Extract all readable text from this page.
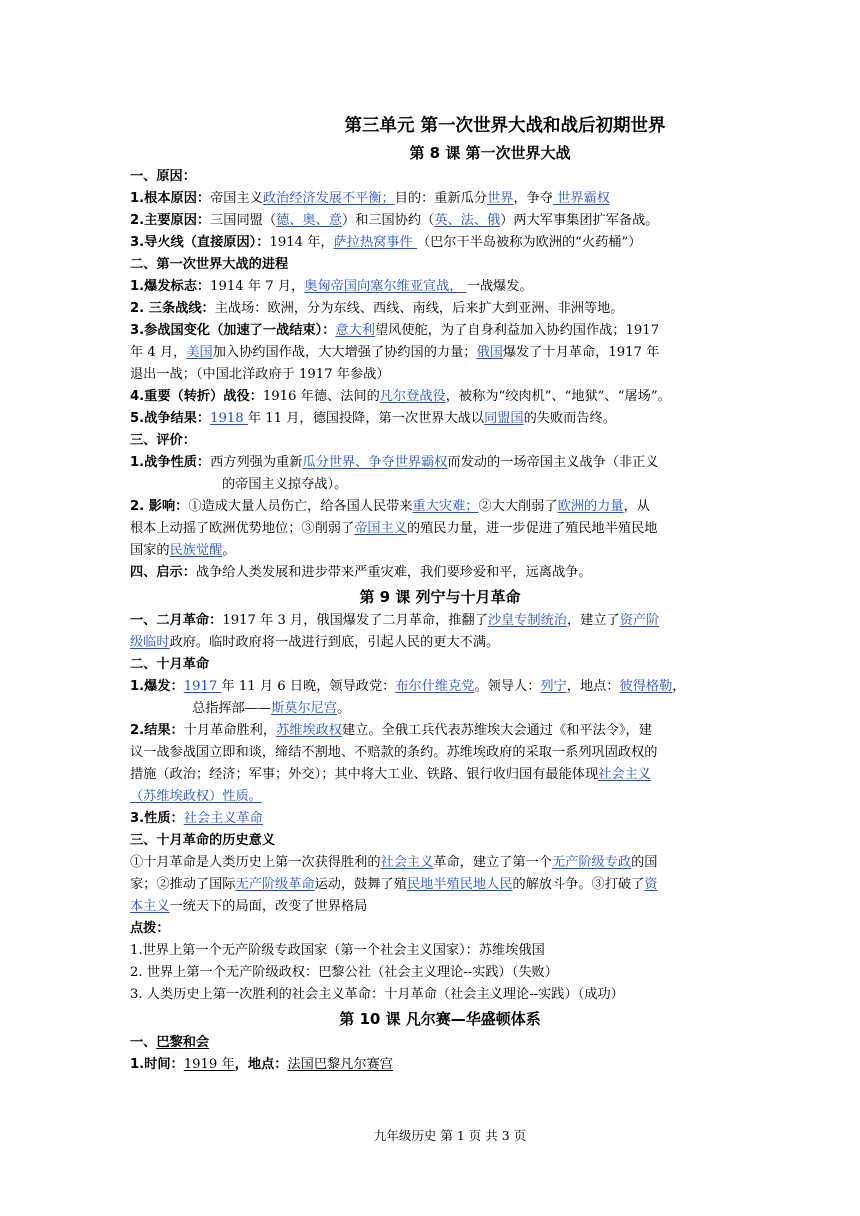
第三单元 第一次世界大战和战后初期世界
第 8 课 第一次世界大战

一、原因：

1.根本原因：帝国主义政治经济发展不平衡；目的：重新瓜分世界，争夺 世界霸权

2.主要原因：三国同盟（德、奥、意）和三国协约（英、法、俄）两大军事集团扩军备战。

3.导火线（直接原因）：1914 年，萨拉热窝事件 （巴尔干半岛被称为欧洲的“火药桶”）

二、第一次世界大战的进程

1.爆发标志：1914 年 7 月，奥匈帝国向塞尔维亚宣战， 一战爆发。

2. 三条战线：主战场：欧洲，分为东线、西线、南线，后来扩大到亚洲、非洲等地。

3.参战国变化（加速了一战结束）：意大利望风使舵，为了自身利益加入协约国作战；1917

年 4 月，美国加入协约国作战，大大增强了协约国的力量；俄国爆发了十月革命，1917 年

退出一战；（中国北洋政府于 1917 年参战）

4.重要（转折）战役：1916 年德、法间的凡尔登战役，被称为“绞肉机”、“地狱”、“屠场”。

5.战争结果：1918 年 11 月，德国投降，第一次世界大战以同盟国的失败而告终。

三、评价：

1.战争性质：西方列强为重新瓜分世界、争夺世界霸权而发动的一场帝国主义战争（非正义

的帝国主义掠夺战）。

2. 影响：①造成大量人员伤亡，给各国人民带来重大灾难；②大大削弱了欧洲的力量，从

根本上动摇了欧洲优势地位；③削弱了帝国主义的殖民力量，进一步促进了殖民地半殖民地

国家的民族觉醒。

四、启示：战争给人类发展和进步带来严重灾难，我们要珍爱和平，远离战争。

第 9 课 列宁与十月革命

一、二月革命：1917 年 3 月，俄国爆发了二月革命，推翻了沙皇专制统治，建立了资产阶

级临时政府。临时政府将一战进行到底，引起人民的更大不满。

二、十月革命

1.爆发：1917 年 11 月 6 日晚，领导政党：布尔什维克党。领导人：列宁，地点：彼得格勒，

总指挥部——斯莫尔尼宫。

2.结果：十月革命胜利，苏维埃政权建立。全俄工兵代表苏维埃大会通过《和平法令》，建

议一战参战国立即和谈，缔结不割地、不赔款的条约。苏维埃政府的采取一系列巩固政权的

措施（政治；经济；军事；外交）；其中将大工业、铁路、银行收归国有最能体现社会主义

（苏维埃政权）性质。

3.性质：社会主义革命

三、十月革命的历史意义

①十月革命是人类历史上第一次获得胜利的社会主义革命，建立了第一个无产阶级专政的国

家；②推动了国际无产阶级革命运动，鼓舞了殖民地半殖民地人民的解放斗争。③打破了资

本主义一统天下的局面，改变了世界格局

点拨：

1.世界上第一个无产阶级专政国家（第一个社会主义国家）：苏维埃俄国

2. 世界上第一个无产阶级政权：巴黎公社（社会主义理论--实践）（失败）

3. 人类历史上第一次胜利的社会主义革命：十月革命（社会主义理论--实践）（成功）

第 10 课 凡尔赛—华盛顿体系

一、巴黎和会

1.时间：1919 年，地点：法国巴黎凡尔赛宫

九年级历史 第 1 页 共 3 页
